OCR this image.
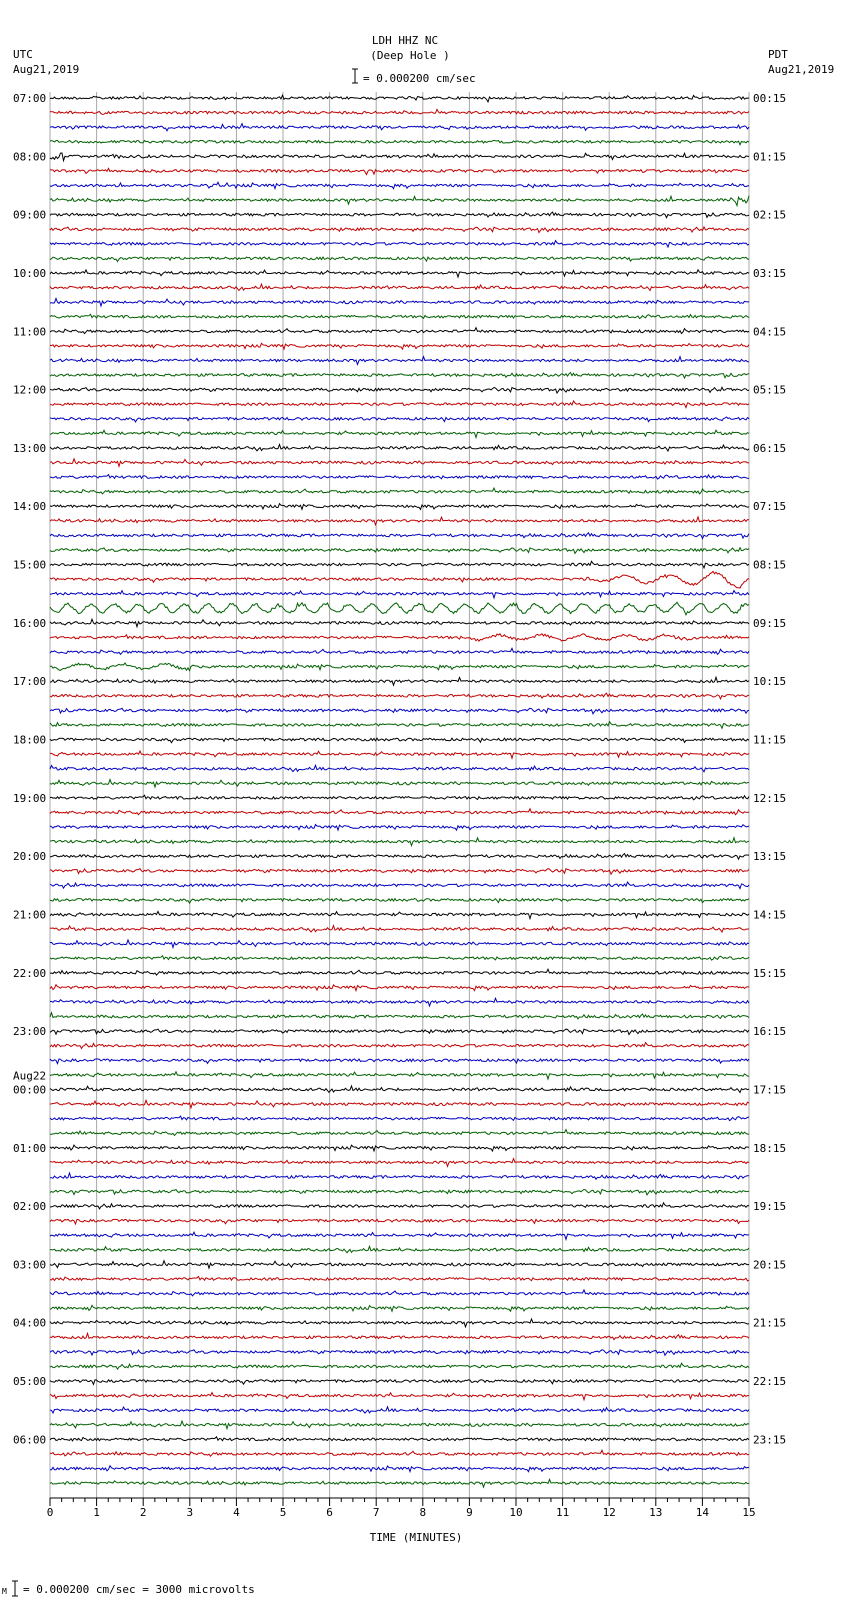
LDH HHZ NC
(Deep Hole )
= 0.000200 cm/sec
UTC
Aug21,2019
PDT
Aug21,2019
07:00
08:00
09:00
10:00
11:00
12:00
13:00
14:00
15:00
16:00
17:00
18:00
19:00
20:00
21:00
22:00
23:00
00:00
Aug22
01:00
02:00
03:00
04:00
05:00
06:00
00:15
01:15
02:15
03:15
04:15
05:15
06:15
07:15
08:15
09:15
10:15
11:15
12:15
13:15
14:15
15:15
16:15
17:15
18:15
19:15
20:15
21:15
22:15
23:15
0	1	2	3	4	5	6	7	8	9	10	11	12	13	14	15
TIME (MINUTES)
M = 0.000200 cm/sec = 3000 microvolts
